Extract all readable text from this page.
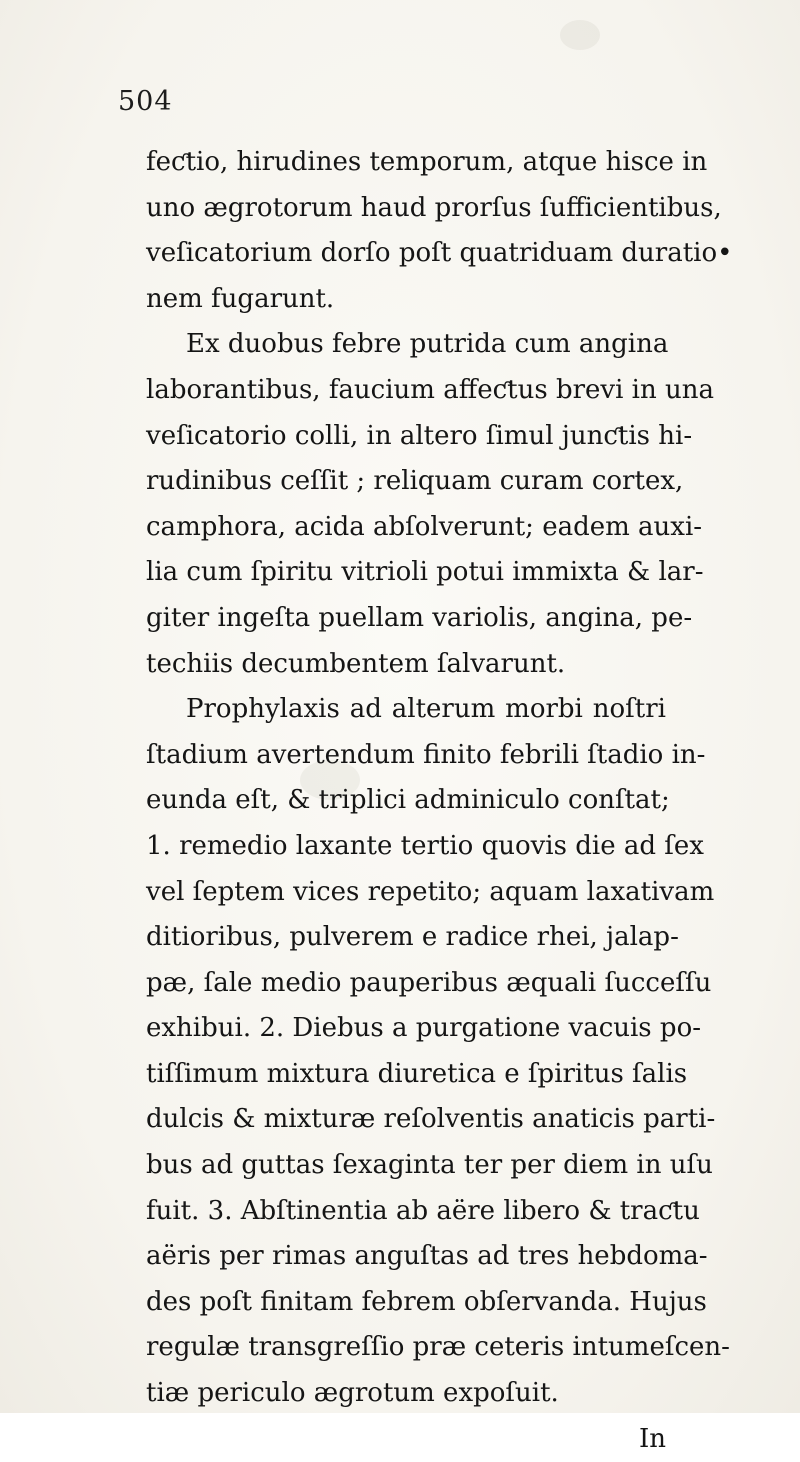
504
feƈtio, hirudines temporum, atque hisce in
uno ægrotorum haud prorſus ſufficientibus,
veſicatorium dorſo poſt quatriduam duratio•
nem fugarunt.
Ex duobus febre putrida cum angina
laborantibus, faucium affeƈtus brevi in una
veſicatorio colli, in altero ſimul junƈtis hi-
rudinibus ceſſit ; reliquam curam cortex,
camphora, acida abſolverunt; eadem auxi-
lia cum ſpiritu vitrioli potui immixta & lar-
giter ingeſta puellam variolis, angina, pe-
techiis decumbentem ſalvarunt.
Prophylaxis ad alterum morbi noſtri
ſtadium avertendum finito febrili ſtadio in-
eunda eſt, & triplici adminiculo conſtat;
1. remedio laxante tertio quovis die ad ſex
vel ſeptem vices repetito; aquam laxativam
ditioribus, pulverem e radice rhei, jalap-
pæ, ſale medio pauperibus æquali ſucceſſu
exhibui. 2. Diebus a purgatione vacuis po-
tiſſimum mixtura diuretica e ſpiritus ſalis
dulcis & mixturæ reſolventis anaticis parti-
bus ad guttas ſexaginta ter per diem in uſu
fuit. 3. Abſtinentia ab aëre libero & traƈtu
aëris per rimas anguſtas ad tres hebdoma-
des poſt finitam febrem obſervanda. Hujus
regulæ transgreſſio præ ceteris intumeſcen-
tiæ periculo ægrotum expoſuit.
In
